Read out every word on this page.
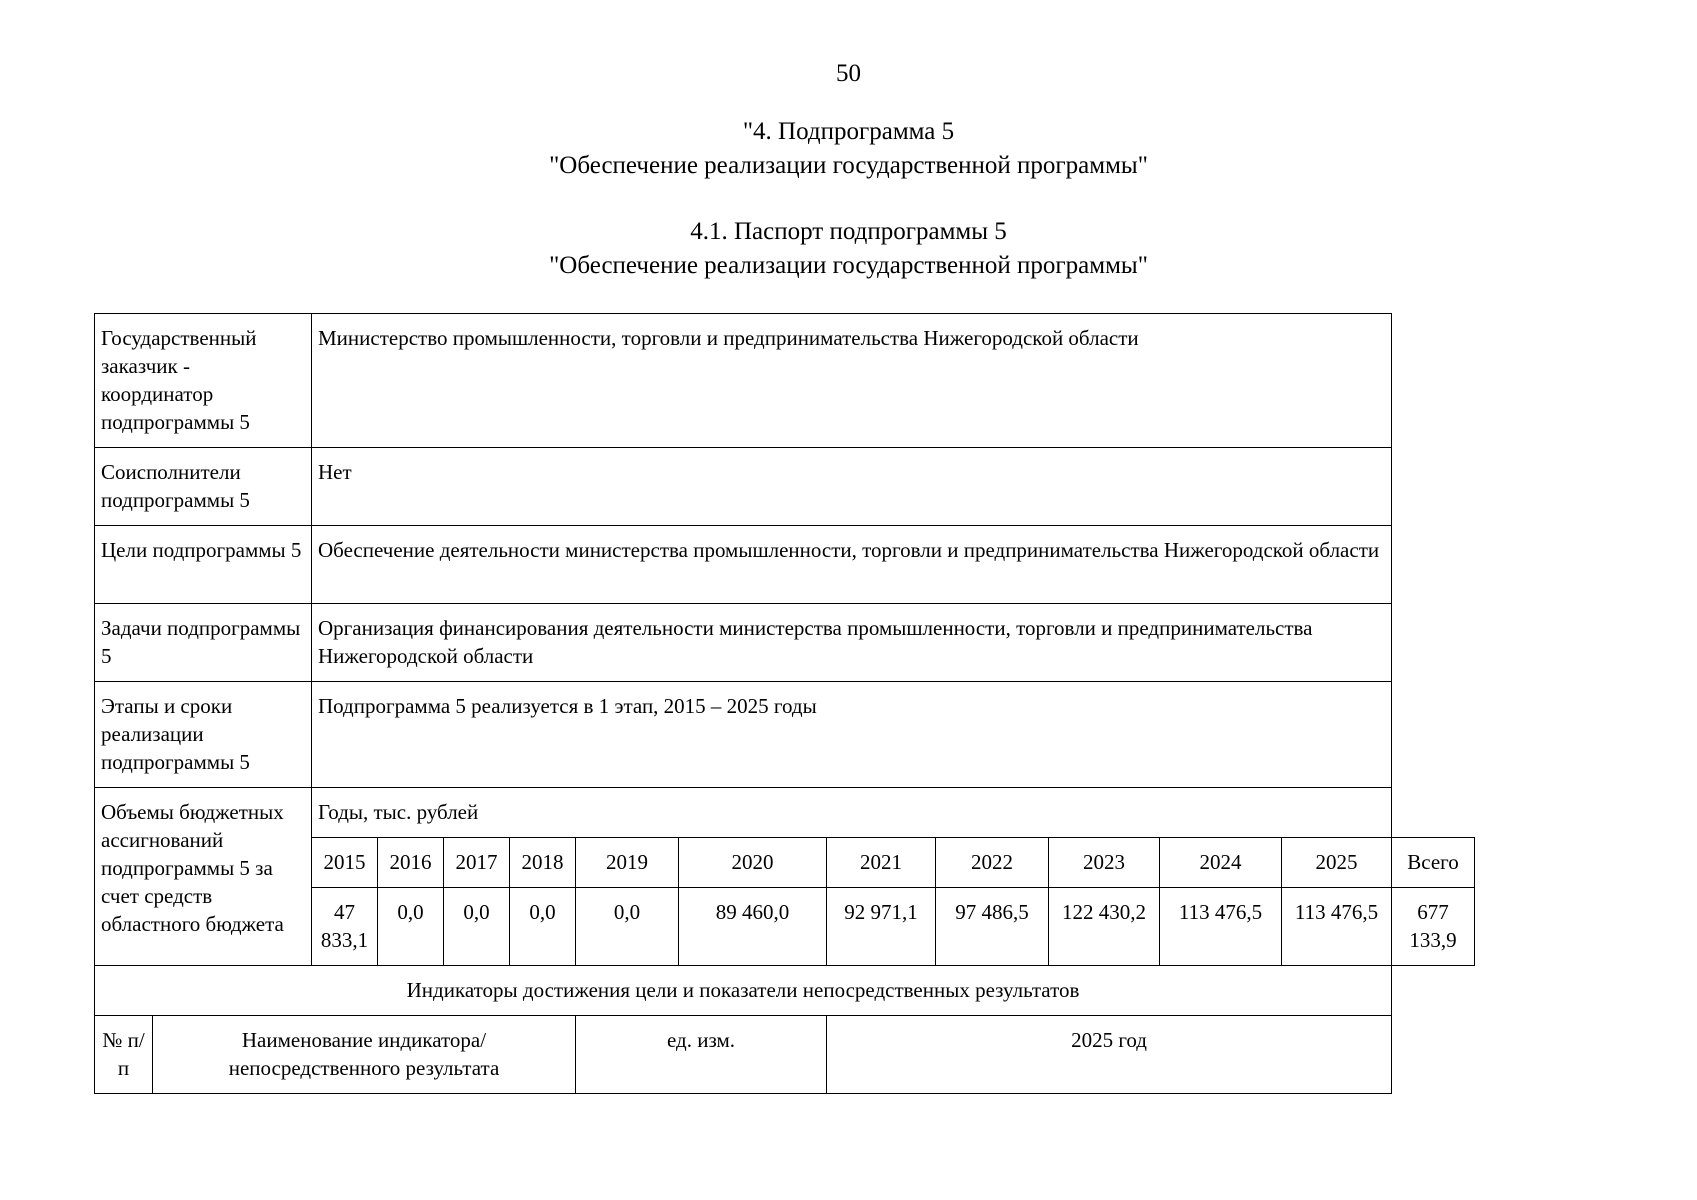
50
"4. Подпрограмма 5
"Обеспечение реализации государственной программы"
4.1. Паспорт подпрограммы 5
"Обеспечение реализации государственной программы"
Государственный заказчик - координатор подпрограммы 5		Министерство промышленности, торговли и предпринимательства Нижегородской области											
Соисполнители подпрограммы 5		Нет											
Цели подпрограммы 5		Обеспечение деятельности министерства промышленности, торговли и предпринимательства Нижегородской области											
Задачи подпрограммы 5		Организация финансирования деятельности министерства промышленности, торговли и предпринимательства Нижегородской области											
Этапы и сроки реализации подпрограммы 5		Подпрограмма 5 реализуется в 1 этап, 2015 – 2025 годы											
Объемы бюджетных ассигнований подпрограммы 5 за счет средств областного бюджета		Годы, тыс. рублей											
		2015	2016	2017	2018	2019	2020	2021	2022	2023	2024	2025	Всего
		47 833,1	0,0	0,0	0,0	0,0	89 460,0	92 971,1	97 486,5	122 430,2	113 476,5	113 476,5	677 133,9
Индикаторы достижения цели и показатели непосредственных результатов													
№ п/п	Наименование индикатора/непосредственного результата					ед. изм.		2025 год					
